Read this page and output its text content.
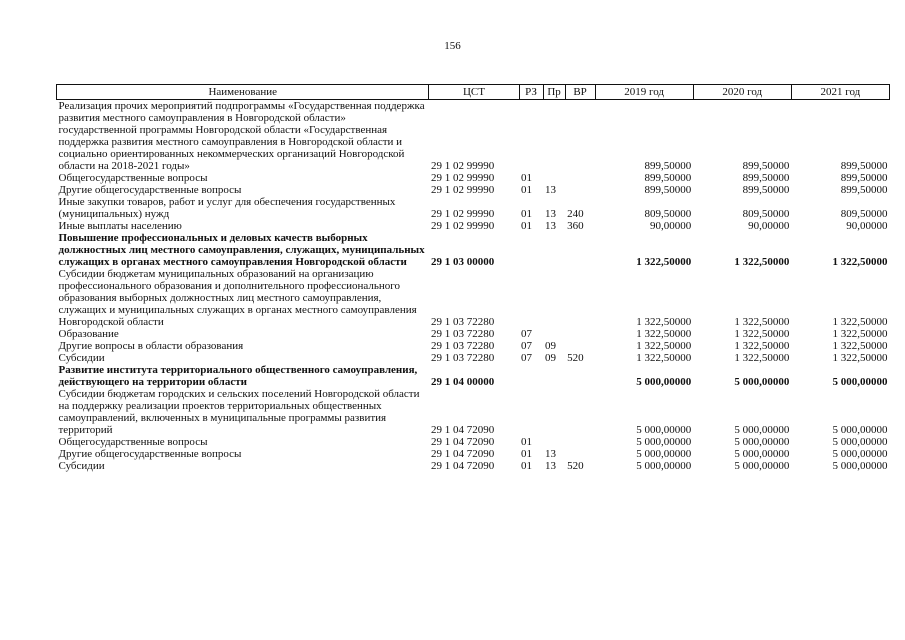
156
Наименование	ЦСТ	РЗ	Пр	ВР	2019 год	2020 год	2021 год
Реализация прочих мероприятий подпрограммы «Государственная поддержка развития местного самоуправления в Новгородской области» государственной программы Новгородской области «Государственная поддержка развития местного самоуправления в Новгородской области и социально ориентированных некоммерческих организаций Новгородской области на 2018-2021 годы»	29 1 02 99990				899,50000	899,50000	899,50000
Общегосударственные вопросы	29 1 02 99990	01			899,50000	899,50000	899,50000
Другие общегосударственные вопросы	29 1 02 99990	01	13		899,50000	899,50000	899,50000
Иные закупки товаров, работ и услуг для обеспечения государственных (муниципальных) нужд	29 1 02 99990	01	13	240	809,50000	809,50000	809,50000
Иные выплаты населению	29 1 02 99990	01	13	360	90,00000	90,00000	90,00000
Повышение профессиональных и деловых качеств выборных должностных лиц местного самоуправления, служащих, муниципальных служащих в органах местного самоуправления Новгородской области	29 1 03 00000				1 322,50000	1 322,50000	1 322,50000
Субсидии бюджетам муниципальных образований на организацию профессионального образования и дополнительного профессионального образования выборных должностных лиц местного самоуправления, служащих и муниципальных служащих в органах местного самоуправления Новгородской области	29 1 03 72280				1 322,50000	1 322,50000	1 322,50000
Образование	29 1 03 72280	07			1 322,50000	1 322,50000	1 322,50000
Другие вопросы в области образования	29 1 03 72280	07	09		1 322,50000	1 322,50000	1 322,50000
Субсидии	29 1 03 72280	07	09	520	1 322,50000	1 322,50000	1 322,50000
Развитие института территориального общественного самоуправления, действующего на территории области	29 1 04 00000				5 000,00000	5 000,00000	5 000,00000
Субсидии бюджетам городских и сельских поселений Новгородской области на поддержку реализации проектов территориальных общественных самоуправлений, включенных в муниципальные программы развития территорий	29 1 04 72090				5 000,00000	5 000,00000	5 000,00000
Общегосударственные вопросы	29 1 04 72090	01			5 000,00000	5 000,00000	5 000,00000
Другие общегосударственные вопросы	29 1 04 72090	01	13		5 000,00000	5 000,00000	5 000,00000
Субсидии	29 1 04 72090	01	13	520	5 000,00000	5 000,00000	5 000,00000
